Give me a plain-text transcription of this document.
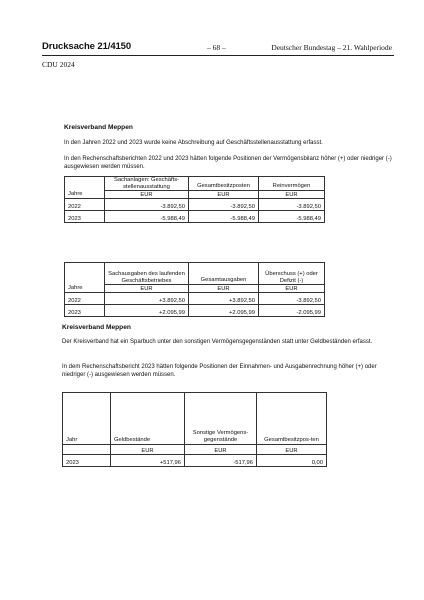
Drucksache 21/4150	– 68 –	Deutscher Bundestag – 21. Wahlperiode
CDU 2024
Kreisverband Meppen
In den Jahren 2022 und 2023 wurde keine Abschreibung auf Geschäftsstellenausstattung erfasst.
In den Rechenschaftsberichten 2022 und 2023 hätten folgende Positionen der Vermögensbilanz höher (+) oder niedriger (-) ausgewiesen werden müssen.
Jahre	Sachanlagen: Geschäfts-stellenausstattung	Gesamtbesitzposten	Reinvermögen
	EUR	EUR	EUR
2022	-3.892,50	-3.892,50	-3.892,50
2023	-5.988,49	-5.988,49	-5.988,49
Jahre	Sachausgaben des laufenden Geschäftsbetriebes	Gesamtausgaben	Überschuss (+) oder Defizit (-)
	EUR	EUR	EUR
2022	+3.892,50	+3.892,50	-3.892,50
2023	+2.095,99	+2.095,99	-2.095,99
Kreisverband Meppen
Der Kreisverband hat ein Sparbuch unter den sonstigen Vermögensgegenständen statt unter Geldbeständen erfasst.
In dem Rechenschaftsbericht 2023 hätten folgende Positionen der Einnahmen- und Ausgabenrechnung höher (+) oder niedriger (-) ausgewiesen werden müssen.
Jahr	Geldbestände	Sonstige Vermögens-gegenstände	Gesamtbesitzpos-ten
	EUR	EUR	EUR
2023	+517,96	-517,96	0,00
